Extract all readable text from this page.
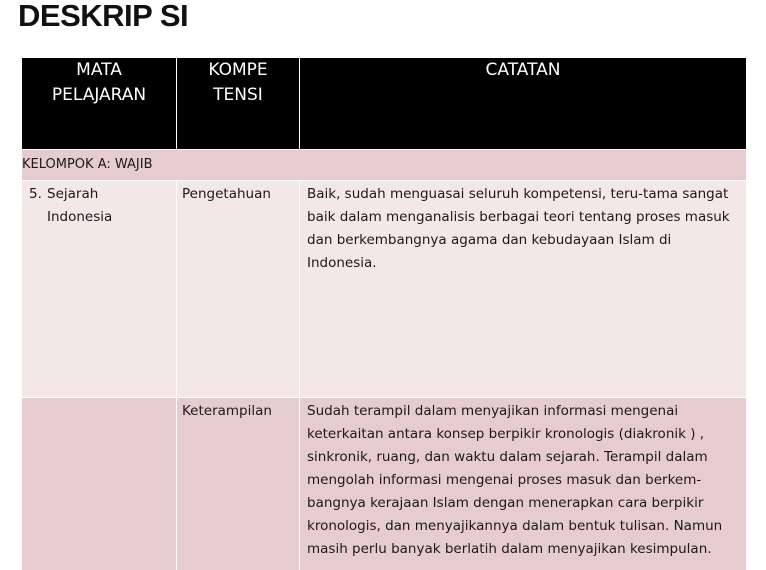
DESKRIP SI
MATA PELAJARAN	KOMPE TENSI	CATATAN
KELOMPOK A: WAJIB		
5. Sejarah Indonesia	Pengetahuan	Baik, sudah menguasai seluruh kompetensi, teru-tama sangat baik dalam menganalisis berbagai teori tentang proses masuk dan berkembangnya agama dan kebudayaan Islam di Indonesia.

	Keterampilan	Sudah terampil dalam menyajikan informasi mengenai keterkaitan antara konsep berpikir kronologis (diakronik ) , sinkronik, ruang, dan waktu dalam sejarah. Terampil dalam mengolah informasi mengenai proses masuk dan berkem-bangnya kerajaan Islam dengan menerapkan cara berpikir kronologis, dan menyajikannya dalam bentuk tulisan. Namun masih perlu banyak berlatih dalam menyajikan kesimpulan.
